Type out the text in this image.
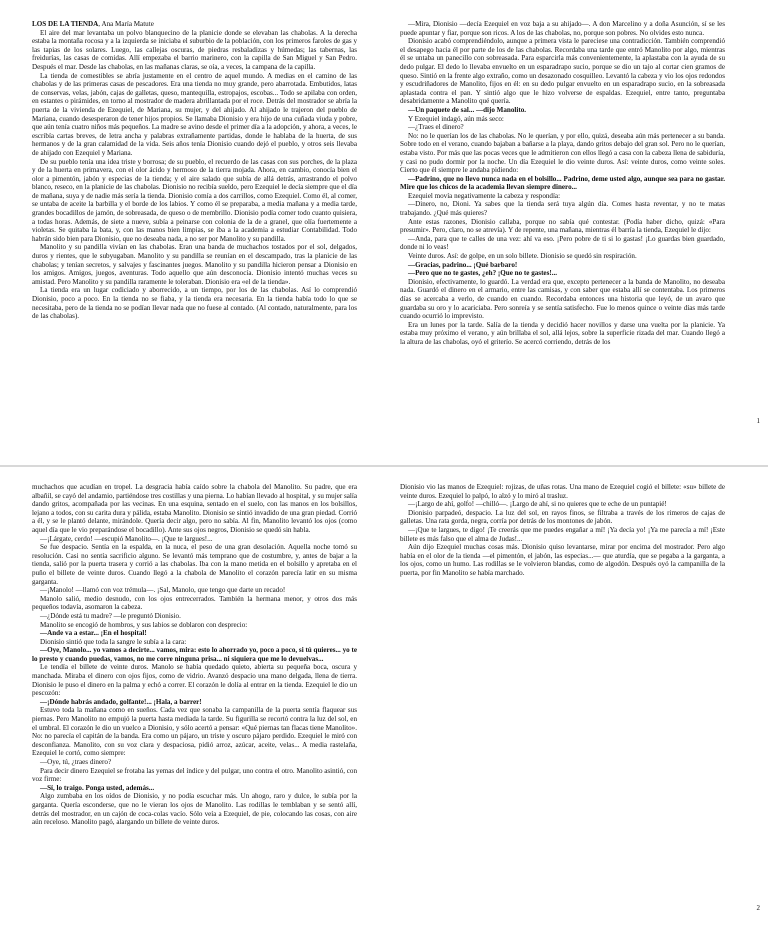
LOS DE LA TIENDA, Ana María Matute

El aire del mar levantaba un polvo blanquecino de la planicie donde se elevaban las chabolas. A la derecha estaba la montaña rocosa y a la izquierda se iniciaba el suburbio de la población, con los primeros faroles de gas y las tapias de los solares. Luego, las callejas oscuras, de piedras resbaladizas y húmedas; las tabernas, las freidurías, las casas de comidas. Allí empezaba el barrio marinero, con la capilla de San Miguel y San Pedro. Después el mar. Desde las chabolas, en las mañanas claras, se oía, a veces, la campana de la capilla.

La tienda de comestibles se abría justamente en el centro de aquel mundo. A medias en el camino de las chabolas y de las primeras casas de pescadores. Era una tienda no muy grande, pero abarrotada. Embutidos, latas de conservas, velas, jabón, cajas de galletas, queso, mantequilla, estropajos, escobas... Todo se apilaba con orden, en estantes o pirámides, en torno al mostrador de madera abrillantada por el roce. Detrás del mostrador se abría la puerta de la vivienda de Ezequiel, de Mariana, su mujer, y del ahijado. Al ahijado le trajeron del pueblo de Mariana, cuando desesperaron de tener hijos propios. Se llamaba Dionisio y era hijo de una cuñada viuda y pobre, que aún tenía cuatro niños más pequeños. La madre se avino desde el primer día a la adopción, y ahora, a veces, le escribía cartas breves, de letra ancha y palabras extrañamente partidas, donde le hablaba de la huerta, de sus hermanos y de la gran calamidad de la vida. Seis años tenía Dionisio cuando dejó el pueblo, y otros seis llevaba de ahijado con Ezequiel y Mariana.

De su pueblo tenía una idea triste y borrosa; de su pueblo, el recuerdo de las casas con sus porches, de la plaza y de la huerta en primavera, con el olor ácido y hermoso de la tierra mojada. Ahora, en cambio, conocía bien el olor a pimentón, jabón y especias de la tienda; y el aire salado que subía de allá detrás, arrastrando el polvo blanco, reseco, en la planicie de las chabolas. Dionisio no recibía sueldo, pero Ezequiel le decía siempre que el día de mañana, suya y de nadie más sería la tienda. Dionisio comía a dos carrillos, como Ezequiel. Como él, al comer, se untaba de aceite la barbilla y el borde de los labios. Y como él se preparaba, a media mañana y a media tarde, grandes bocadillos de jamón, de sobreasada, de queso o de membrillo. Dionisio podía comer todo cuanto quisiera, a todas horas. Además, de siete a nueve, subía a peinarse con colonia de la de a granel, que olía fuertemente a violetas. Se quitaba la bata, y, con las manos bien limpias, se iba a la academia a estudiar Contabilidad. Todo habrán sido bien para Dionisio, que no deseaba nada, a no ser por Manolito y su pandilla.

Manolito y su pandilla vivían en las chabolas. Eran una banda de muchachos tostados por el sol, delgados, duros y rientes, que le subyugaban. Manolito y su pandilla se reunían en el descampado, tras la planicie de las chabolas; y tenían secretos, y salvajes y fascinantes juegos. Manolito y su pandilla hicieron pensar a Dionisio en los amigos. Amigos, juegos, aventuras. Todo aquello que aún desconocía. Dionisio intentó muchas veces su amistad. Pero Manolito y su pandilla raramente le toleraban. Dionisio era «el de la tienda».

La tienda era un lugar codiciado y aborrecido, a un tiempo, por los de las chabolas. Así lo comprendió Dionisio, poco a poco. En la tienda no se fiaba, y la tienda era necesaria. En la tienda había todo lo que se necesitaba, pero de la tienda no se podían llevar nada que no fuese al contado. (Al contado, naturalmente, para los de las chabolas).

—Mira, Dionisio —decía Ezequiel en voz baja a su ahijado—. A don Marcelino y a doña Asunción, sí se les puede apuntar y fiar, porque son ricos. A los de las chabolas, no, porque son pobres. No olvides esto nunca.

Dionisio acabó comprendiéndolo, aunque a primera vista le pareciese una contradicción. También comprendió el desapego hacia él por parte de los de las chabolas. Recordaba una tarde que entró Manolito por algo, mientras él se untaba un panecillo con sobreasada. Para esparcirla más convenientemente, la aplastaba con la ayuda de su dedo pulgar. El dedo lo llevaba envuelto en un esparadrapo sucio, porque se dio un tajo al cortar cien gramos de queso. Sintió en la frente algo extraño, como un desazonado cosquilleo. Levantó la cabeza y vio los ojos redondos y escudriñadores de Manolito, fijos en él: en su dedo pulgar envuelto en un esparadrapo sucio, en la sobreasada aplastada contra el pan. Y sintió algo que le hizo volverse de espaldas. Ezequiel, entre tanto, preguntaba desabridamente a Manolito qué quería.

—Un paquete de sal... —dijo Manolito.

Y Ezequiel indagó, aún más seco:

—¿Traes el dinero?

No: no le querían los de las chabolas. No le querían, y por ello, quizá, deseaba aún más pertenecer a su banda. Sobre todo en el verano, cuando bajaban a bañarse a la playa, dando gritos debajo del gran sol. Pero no le querían, estaba visto. Por más que las pocas veces que le admitieron con ellos llegó a casa con la cabeza llena de sabiduría, y casi no pudo dormir por la noche. Un día Ezequiel le dio veinte duros. Así: veinte duros, como veinte soles. Cierto que él siempre le andaba pidiendo:

—Padrino, que no llevo nunca nada en el bolsillo... Padrino, deme usted algo, aunque sea para no gastar. Mire que los chicos de la academia llevan siempre dinero...

Ezequiel movía negativamente la cabeza y respondía:

—Dinero, no, Dioni. Ya sabes que la tienda será tuya algún día. Comes hasta reventar, y no te matas trabajando. ¿Qué más quieres?

Ante estas razones, Dionisio callaba, porque no sabía qué contestar. (Podía haber dicho, quizá: «Para presumir». Pero, claro, no se atrevía). Y de repente, una mañana, mientras él barría la tienda, Ezequiel le dijo:

—Anda, para que te calles de una vez: ahí va eso. ¡Pero pobre de ti si lo gastas! ¡Lo guardas bien guardado, donde ni lo veas!

Veinte duros. Así: de golpe, en un solo billete. Dionisio se quedó sin respiración.

—Gracias, padrino... ¡Qué barbaro!

—Pero que no te gastes, ¿eh? ¡Que no te gastes!...

Dionisio, efectivamente, lo guardó. La verdad era que, excepto pertenecer a la banda de Manolito, no deseaba nada. Guardó el dinero en el armario, entre las camisas, y con saber que estaba allí se contentaba. Los primeros días se acercaba a verlo, de cuando en cuando. Recordaba entonces una historia que leyó, de un avaro que guardaba su oro y lo acariciaba. Pero sonreía y se sentía satisfecho. Fue lo menos quince o veinte días más tarde cuando ocurrió lo imprevisto.

Era un lunes por la tarde. Salía de la tienda y decidió hacer novillos y darse una vuelta por la planicie. Ya estaba muy próximo el verano, y aún brillaba el sol, allá lejos, sobre la superficie rizada del mar. Cuando llegó a la altura de las chabolas, oyó el griterío. Se acercó corriendo, detrás de los

1

muchachos que acudían en tropel. La desgracia había caído sobre la chabola del Manolito. Su padre, que era albañil, se cayó del andamio, partiéndose tres costillas y una pierna. Lo habían llevado al hospital, y su mujer salía dando gritos, acompañada por las vecinas. En una esquina, sentado en el suelo, con las manos en los bolsillos, lejano a todos, con su carita dura y pálida, estaba Manolito. Dionisio se sintió invadido de una gran piedad. Corrió a él, y se le plantó delante, mirándole. Quería decir algo, pero no sabía. Al fin, Manolito levantó los ojos (como aquel día que le vio preparándose el bocadillo). Ante sus ojos negros, Dionisio se quedó sin habla.

—¡Lárgate, cerdo! —escupió Manolito—. ¡Que te largues!...

Se fue despacio. Sentía en la espalda, en la nuca, el peso de una gran desolación. Aquella noche tomó su resolución. Casi no sentía sacrificio alguno. Se levantó más temprano que de costumbre, y, antes de bajar a la tienda, salió por la puerta trasera y corrió a las chabolas. Iba con la mano metida en el bolsillo y apretaba en el puño el billete de veinte duros. Cuando llegó a la chabola de Manolito el corazón parecía latir en su misma garganta.

—¡Manolo! —llamó con voz trémula—. ¡Sal, Manolo, que tengo que darte un recado!

Manolo salió, medio desnudo, con los ojos entrecerrados. También la hermana menor, y otros dos más pequeños todavía, asomaron la cabeza.

—¿Dónde está tu madre? —le preguntó Dionisio.

Manolito se encogió de hombros, y sus labios se doblaron con desprecio:

—Ande va a estar... ¡En el hospital!

Dionisio sintió que toda la sangre le subía a la cara:

—Oye, Manolo... yo vamos a decirte... vamos, mira: esto lo ahorrado yo, poco a poco, si tú quieres... yo te lo presto y cuando puedas, vamos, no me corre ninguna prisa... ni siquiera que me lo devuelvas...

Le tendía el billete de veinte duros. Manolo se había quedado quieto, abierta su pequeña boca, oscura y manchada. Miraba el dinero con ojos fijos, como de vidrio. Avanzó despacio una mano delgada, llena de tierra. Dionisio le puso el dinero en la palma y echó a correr. El corazón le dolía al entrar en la tienda. Ezequiel le dio un pescozón:

—¡Dónde habrás andado, golfante!... ¡Hala, a barrer!

Estuvo toda la mañana como en sueños. Cada vez que sonaba la campanilla de la puerta sentía flaquear sus piernas. Pero Manolito no empujó la puerta hasta mediada la tarde. Su figurilla se recortó contra la luz del sol, en el umbral. El corazón le dio un vuelco a Dionisio, y sólo acertó a pensar: «Qué piernas tan flacas tiene Manolito». No: no parecía el capitán de la banda. Era como un pájaro, un triste y oscuro pájaro perdido. Ezequiel le miró con desconfianza. Manolito, con su voz clara y despaciosa, pidió arroz, azúcar, aceite, velas... A media rastelaña, Ezequiel le cortó, como siempre:

—Oye, tú, ¿traes dinero?

Para decir dinero Ezequiel se frotaba las yemas del índice y del pulgar, uno contra el otro. Manolito asintió, con voz firme:

—Sí, lo traigo. Ponga usted, además...

Algo zumbaba en los oídos de Dionisio, y no podía escuchar más. Un ahogo, raro y dulce, le subía por la garganta. Quería esconderse, que no le vieran los ojos de Manolito. Las rodillas le temblaban y se sentó allí, detrás del mostrador, en un cajón de coca-colas vacío. Sólo veía a Ezequiel, de pie, colocando las cosas, con aire aún receloso. Manolito pagó, alargando un billete de veinte duros.

Dionisio vio las manos de Ezequiel: rojizas, de uñas rotas. Una mano de Ezequiel cogió el billete: «su» billete de veinte duros. Ezequiel lo palpó, lo alzó y lo miró al trasluz.

—¡Largo de ahí, golfo! —chilló—. ¡Largo de ahí, si no quieres que te eche de un puntapié!

Dionisio parpadeó, despacio. La luz del sol, en rayos finos, se filtraba a través de los rimeros de cajas de galletas. Una rata gorda, negra, corría por detrás de los montones de jabón.

—¡Que te largues, te digo! ¡Te creerás que me puedes engañar a mí! ¡Ya decía yo! ¡Ya me parecía a mí! ¡Este billete es más falso que el alma de Judas!...

Aún dijo Ezequiel muchas cosas más. Dionisio quiso levantarse, mirar por encima del mostrador. Pero algo había en el olor de la tienda —el pimentón, el jabón, las especias...— que aturdía, que se pegaba a la garganta, a los ojos, como un humo. Las rodillas se le volvieron blandas, como de algodón. Después oyó la campanilla de la puerta, por fin Manolito se había marchado.

2
